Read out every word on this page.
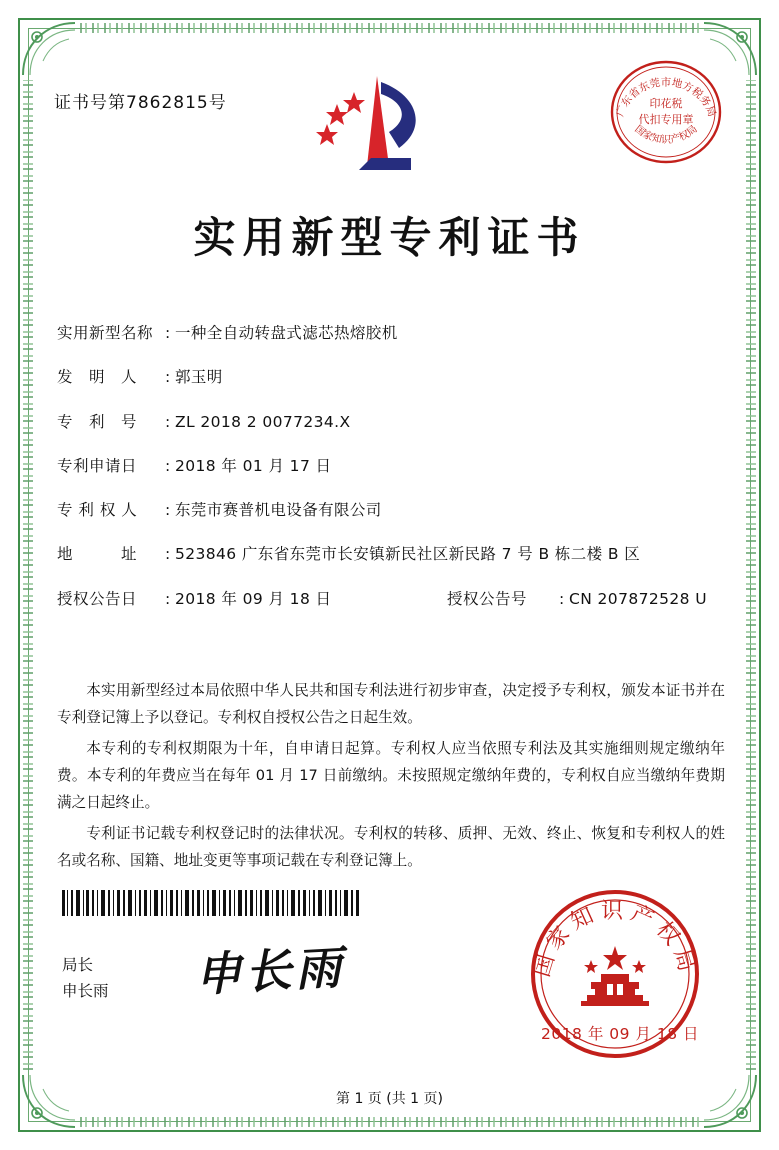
证书号第7862815号	广东省东莞市地方税务局
国家知识产权局
印花税
代扣专用章
实用新型专利证书
实用新型名称 : 一种全自动转盘式滤芯热熔胶机
发　明　人	: 郭玉明
专　利　号	: ZL 2018 2 0077234.X
专利申请日	: 2018 年 01 月 17 日
专 利 权 人	: 东莞市赛普机电设备有限公司
地　　　址	: 523846 广东省东莞市长安镇新民社区新民路 7 号 B 栋二楼 B 区
授权公告日	: 2018 年 09 月 18 日	授权公告号	: CN 207872528 U

本实用新型经过本局依照中华人民共和国专利法进行初步审查，决定授予专利权，颁发本证书并在专利登记簿上予以登记。专利权自授权公告之日起生效。

本专利的专利权期限为十年，自申请日起算。专利权人应当依照专利法及其实施细则规定缴纳年费。本专利的年费应当在每年 01 月 17 日前缴纳。未按照规定缴纳年费的，专利权自应当缴纳年费期满之日起终止。

专利证书记载专利权登记时的法律状况。专利权的转移、质押、无效、终止、恢复和专利权人的姓名或名称、国籍、地址变更等事项记载在专利登记簿上。

局长
申长雨 申长雨	国家知识产权局
2018 年 09 月 18 日
第 1 页 (共 1 页)
